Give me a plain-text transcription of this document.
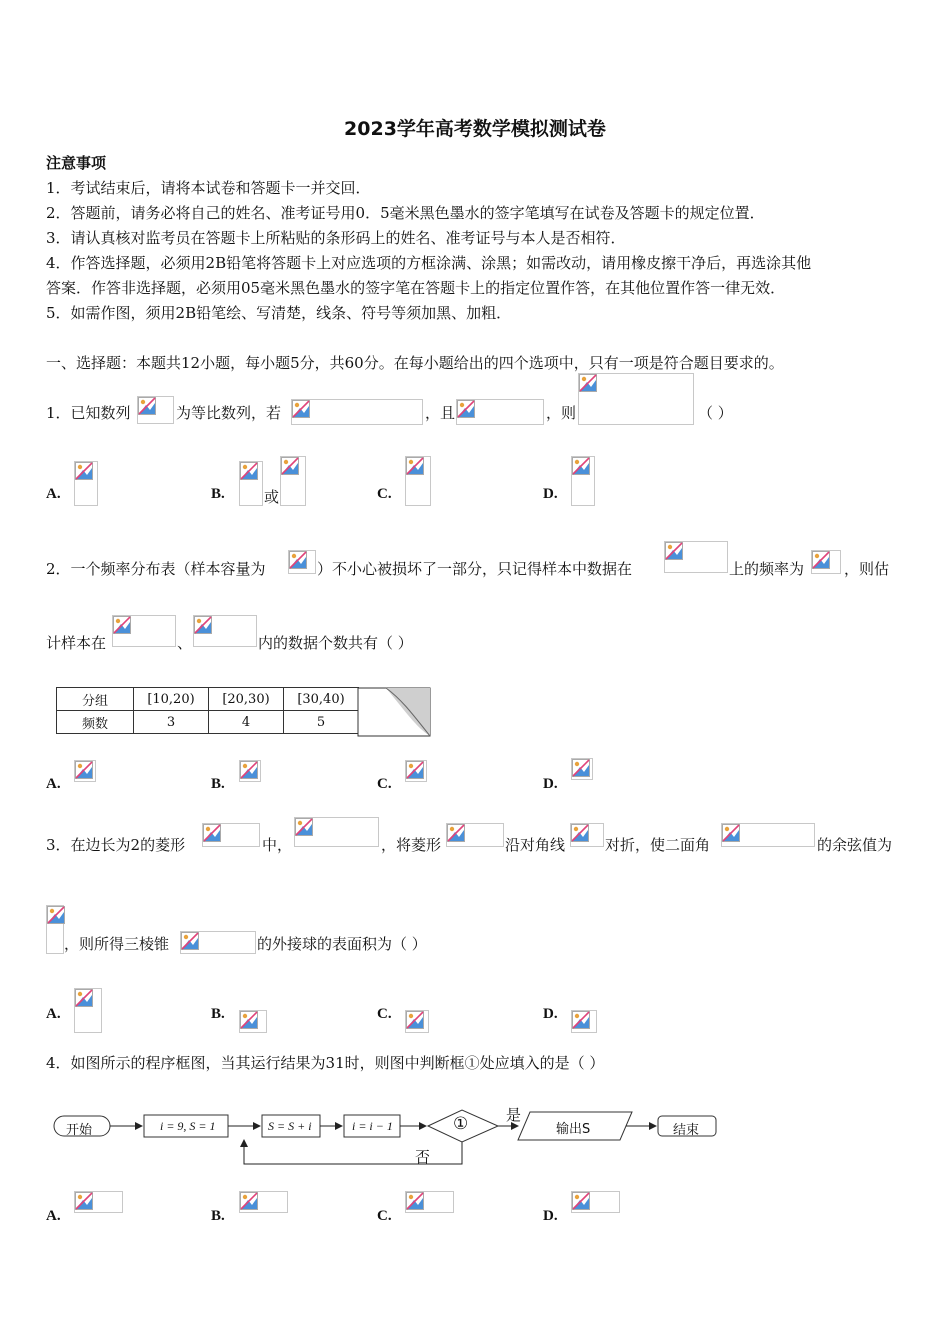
2023学年高考数学模拟测试卷
注意事项
1．考试结束后，请将本试卷和答题卡一并交回．
2．答题前，请务必将自己的姓名、准考证号用0．5毫米黑色墨水的签字笔填写在试卷及答题卡的规定位置．
3．请认真核对监考员在答题卡上所粘贴的条形码上的姓名、准考证号与本人是否相符．
4．作答选择题，必须用2B铅笔将答题卡上对应选项的方框涂满、涂黑；如需改动，请用橡皮擦干净后，再选涂其他
答案．作答非选择题，必须用05毫米黑色墨水的签字笔在答题卡上的指定位置作答，在其他位置作答一律无效．
5．如需作图，须用2B铅笔绘、写清楚，线条、符号等须加黑、加粗．
一、选择题：本题共12小题，每小题5分，共60分。在每小题给出的四个选项中，只有一项是符合题目要求的。
1．已知数列	为等比数列，若	，且	，则	（ ）
A.	B.	或	C.	D.
2．一个频率分布表（样本容量为	）不小心被损坏了一部分，只记得样本中数据在	上的频率为	，则估
计样本在	、	内的数据个数共有（ ）
分组	[10,20)	[20,30)	[30,40)
频数	3	4	5
A.	B.	C.	D.
3．在边长为2的菱形	中，	，将菱形	沿对角线	对折，使二面角	的余弦值为
，则所得三棱锥	的外接球的表面积为（ ）
A.	B.	C.	D.
4．如图所示的程序框图，当其运行结果为31时，则图中判断框①处应填入的是（ ）
开始	i = 9, S = 1	S = S + i	i = i − 1	①	是
否
输出S	结束
A.	B.	C.	D.
